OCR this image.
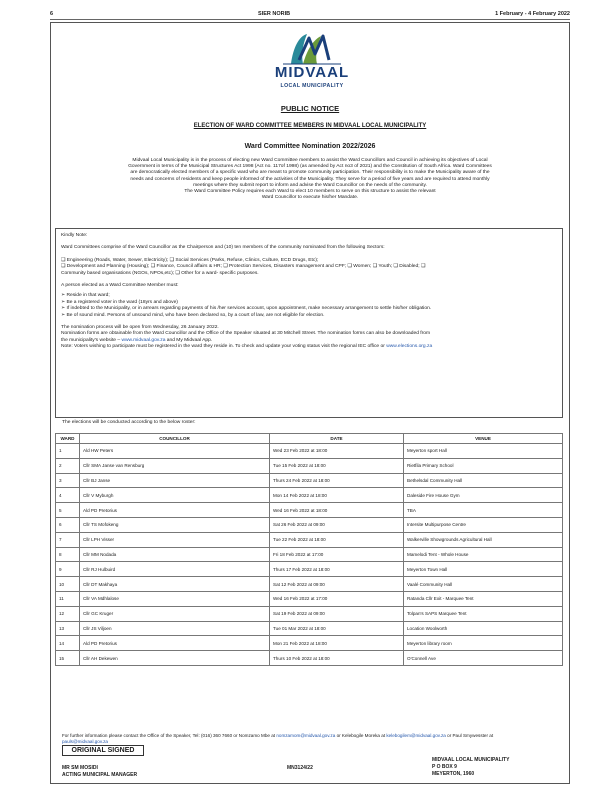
6	SIER NORIB	1 February - 4 February 2022
MIDVAAL
LOCAL MUNICIPALITY
PUBLIC NOTICE
ELECTION OF WARD COMMITTEE MEMBERS IN MIDVAAL LOCAL MUNICIPALITY
Ward Committee Nomination 2022/2026
Midvaal Local Municipality is in the process of electing new Ward Committee members to assist the Ward Councillors and Council in achieving its objectives of Local
Government in terms of the Municipal Structures Act 1998 (Act no. 117of 1998) (as amended by Act no3 of 2021) and the Constitution of South Africa. Ward Committees
are democratically elected members of a specific ward who are meant to promote community participation. Their responsibility is to make the Municipality aware of the
needs and concerns of residents and keep people informed of the activities of the Municipality. They serve for a period of five years and are required to attend monthly
meetings where they submit report to inform and advise the Ward Councillor on the needs of the community.
The Ward Committee Policy requires each Ward to elect 10 members to serve on this structure to assist the relevant
Ward Councillor to execute his/her Mandate.

Kindly Note:

Ward Committees comprise of the Ward Councillor as the Chairperson and (10) ten members of the community nominated from the following Sectors:

❑ Engineering (Roads, Water, Sewer, Electricity); ❑ Social Services (Parks, Refuse, Clinics, Culture, ECD Drugs, Etc);
❑ Development and Planning (Housing); ❑ Finance, Council affairs & HR; ❑ Protection Services, Disasters management and CPF; ❑ Women; ❑ Youth; ❑ Disabled; ❑
Community based organisations (NGOs, NPOs,etc); ❑ Other for a ward- specific purposes.

A person elected as a Ward Committee Member must:

➢ Reside in that ward;
➢ Be a registered voter in the ward (18yrs and above)
➢ If indebted to the Municipality, or in arrears regarding payments of his /her services account, upon appointment, make necessary arrangement to settle his/her obligation.
➢ Be of sound mind. Persons of unsound mind, who have been declared so, by a court of law, are not eligible for election.

The nomination process will be open from Wednesday, 26 January 2022.
Nomination forms are obtainable from the Ward Councillor and the Office of the Speaker situated at 30 Mitchell Street. The nomination forms can also be downloaded from
the municipality's website – www.midvaal.gov.za and My Midvaal App.
Note: Voters wishing to participate must be registered in the ward they reside in. To check and update your voting status visit the regional IEC office or www.elections.org.za

The elections will be conducted according to the below roster:
WARD	COUNCILLOR	DATE	VENUE
1	Ald HW Peters	Wed 23 Feb 2022 at 18:00	Meyerton sport Hall
2	Cllr SMA Janse van Rensburg	Tue 15 Feb 2022 at 18:00	Rietfila Primary School
3	Cllr BJ Janse	Thurs 24 Feb 2022 at 18:00	Bethelsdal Community Hall
4	Cllr V Myburgh	Mon 14 Feb 2022 at 18:00	Daleside Fire House Gym
5	Ald PD Pretorius	Wed 16 Feb 2022 at 18:00	TBA
6	Cllr TS Mofokeng	Sat 26 Feb 2022 at 09:00	Intersite Multipurpose Centre
7	Cllr LPH Visser	Tue 22 Feb 2022 at 18:00	Walkerville Showgrounds Agricultural Hall
8	Cllr MM Nodada	Fri 18 Feb 2022 at 17:00	Mamelodi Tent - Whole House
9	Cllr RJ Hulbuird	Thurs 17 Feb 2022 at 18:00	Meyerton Town Hall
10	Cllr DT Makhaya	Sat 12 Feb 2022 at 09:00	Vaalé Community Hall
11	Cllr VA Mdhlalose	Wed 16 Feb 2022 at 17:00	Ratanda Cllr Exit - Marquee Tent
12	Cllr GC Kruger	Sat 19 Feb 2022 at 09:00	Tolpan's SAPS Marquee Tent
13	Cllr JS Viljoen	Tue 01 Mar 2022 at 18:00	Location Woolworth
14	Ald PD Pretorius	Mon 21 Feb 2022 at 18:00	Meyerton library room
15	Cllr AH Dekewen	Thurs 10 Feb 2022 at 18:00	O'Connell Ave
For further information please contact the Office of the Speaker, Tel: (016) 360 7660 or Nomzamo Mbe at nomzamom@midvaal.gov.za or Kelebogile Moreka at kelebogilem@midvaal.gov.za or Paul Smywesster at
pauls@midvaal.gov.za
ORIGINAL SIGNED
MR SM MOSIDI
ACTING MUNICIPAL MANAGER
MN3124/22
MIDVAAL LOCAL MUNICIPALITY
P O BOX 9
MEYERTON, 1960
